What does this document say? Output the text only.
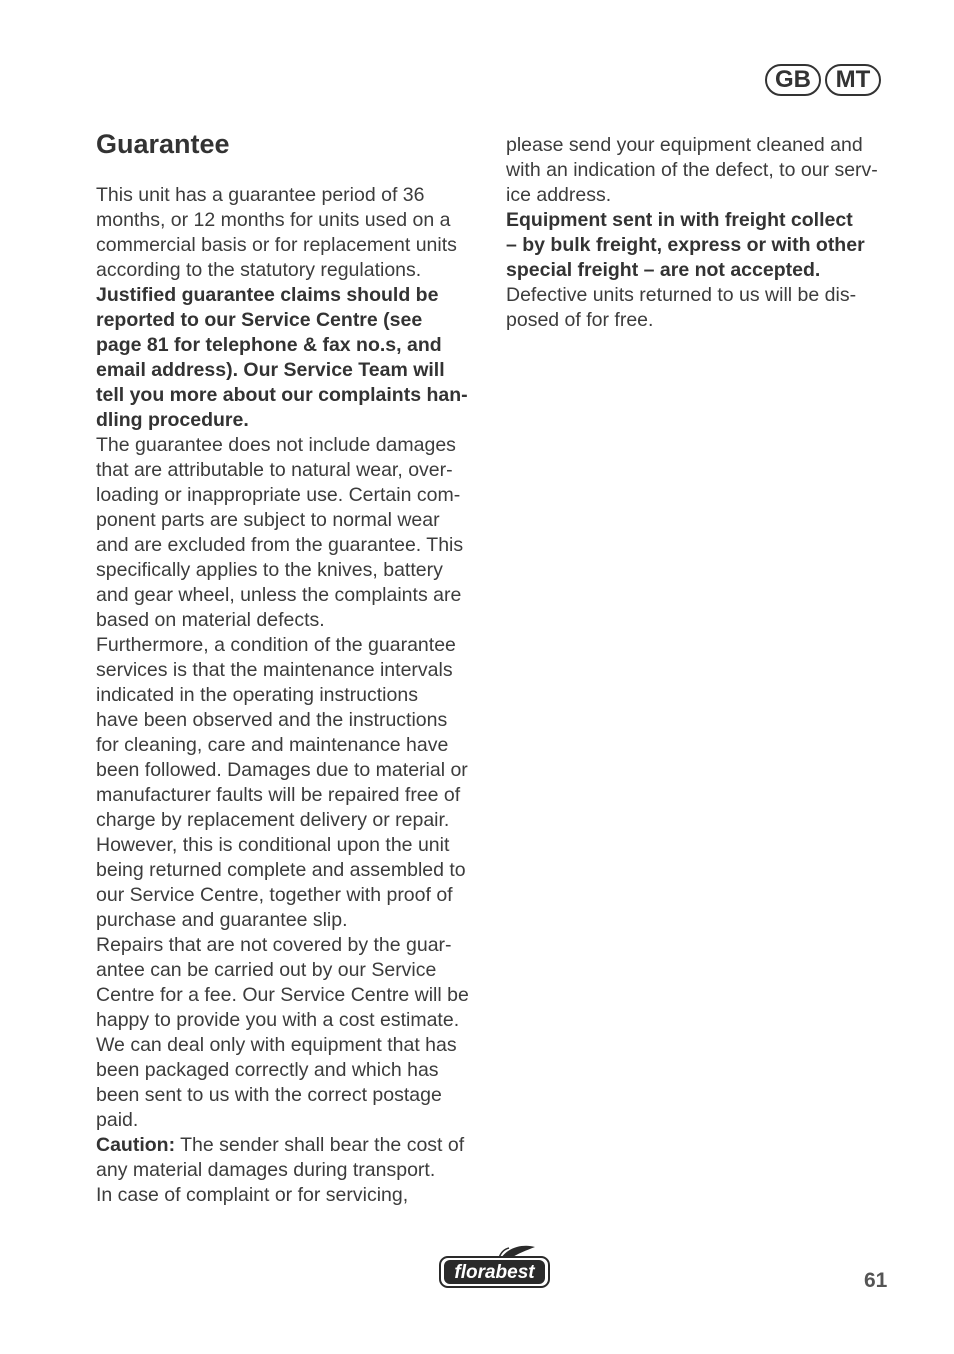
GB	MT
Guarantee
This unit has a guarantee period of 36
months, or 12 months for units used on a
commercial basis or for replacement units
according to the statutory regulations.
Justified guarantee claims should be
reported to our Service Centre (see
page 81 for telephone & fax no.s, and
email address). Our Service Team will
tell you more about our complaints han-
dling procedure.
The guarantee does not include damages
that are attributable to natural wear, over-
loading or inappropriate use. Certain com-
ponent parts are subject to normal wear
and are excluded from the guarantee. This
specifically applies to the knives, battery
and gear wheel, unless the complaints are
based on material defects.
Furthermore, a condition of the guarantee
services is that the maintenance intervals
indicated in the operating instructions
have been observed and the instructions
for cleaning, care and maintenance have
been followed. Damages due to material or
manufacturer faults will be repaired free of
charge by replacement delivery or repair.
However, this is conditional upon the unit
being returned complete and assembled to
our Service Centre, together with proof of
purchase and guarantee slip.
Repairs that are not covered by the guar-
antee can be carried out by our Service
Centre for a fee. Our Service Centre will be
happy to provide you with a cost estimate.
We can deal only with equipment that has
been packaged correctly and which has
been sent to us with the correct postage
paid.
Caution: The sender shall bear the cost of
any material damages during transport.
In case of complaint or for servicing,
please send your equipment cleaned and
with an indication of the defect, to our serv-
ice address.
Equipment sent in with freight collect
– by bulk freight, express or with other
special freight – are not accepted.
Defective units returned to us will be dis-
posed of for free.
florabest	61
